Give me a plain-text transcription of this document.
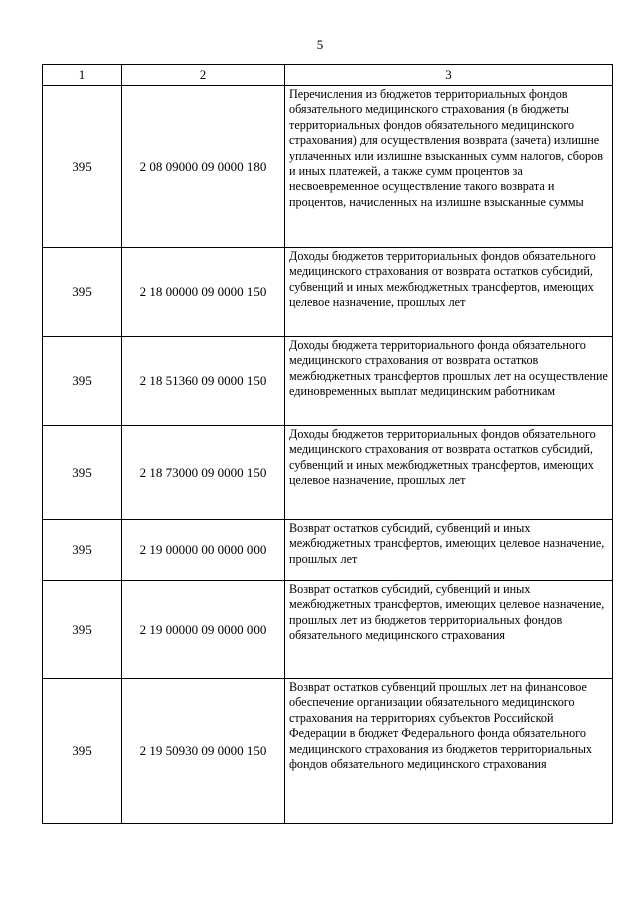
5
1	2	3
395	2 08 09000 09 0000 180	Перечисления из бюджетов территориальных фондов обязательного медицинского страхования (в бюджеты территориальных фондов обязательного медицинского страхования) для осуществления возврата (зачета) излишне уплаченных или излишне взысканных сумм налогов, сборов и иных платежей, а также сумм процентов за несвоевременное осуществление такого возврата и процентов, начисленных на излишне взысканные суммы
395	2 18 00000 09 0000 150	Доходы бюджетов территориальных фондов обязательного медицинского страхования от возврата остатков субсидий, субвенций и иных межбюджетных трансфертов, имеющих целевое назначение, прошлых лет
395	2 18 51360 09 0000 150	Доходы бюджета территориального фонда обязательного медицинского страхования от возврата остатков межбюджетных трансфертов прошлых лет на осуществление единовременных выплат медицинским работникам
395	2 18 73000 09 0000 150	Доходы бюджетов территориальных фондов обязательного медицинского страхования от возврата остатков субсидий, субвенций и иных межбюджетных трансфертов, имеющих целевое назначение, прошлых лет
395	2 19 00000 00 0000 000	Возврат остатков субсидий, субвенций и иных межбюджетных трансфертов, имеющих целевое назначение, прошлых лет
395	2 19 00000 09 0000 000	Возврат остатков субсидий, субвенций и иных межбюджетных трансфертов, имеющих целевое назначение, прошлых лет из бюджетов территориальных фондов обязательного медицинского страхования
395	2 19 50930 09 0000 150	Возврат остатков субвенций прошлых лет на финансовое обеспечение организации обязательного медицинского страхования на территориях субъектов Российской Федерации в бюджет Федерального фонда обязательного медицинского страхования из бюджетов территориальных фондов обязательного медицинского страхования
